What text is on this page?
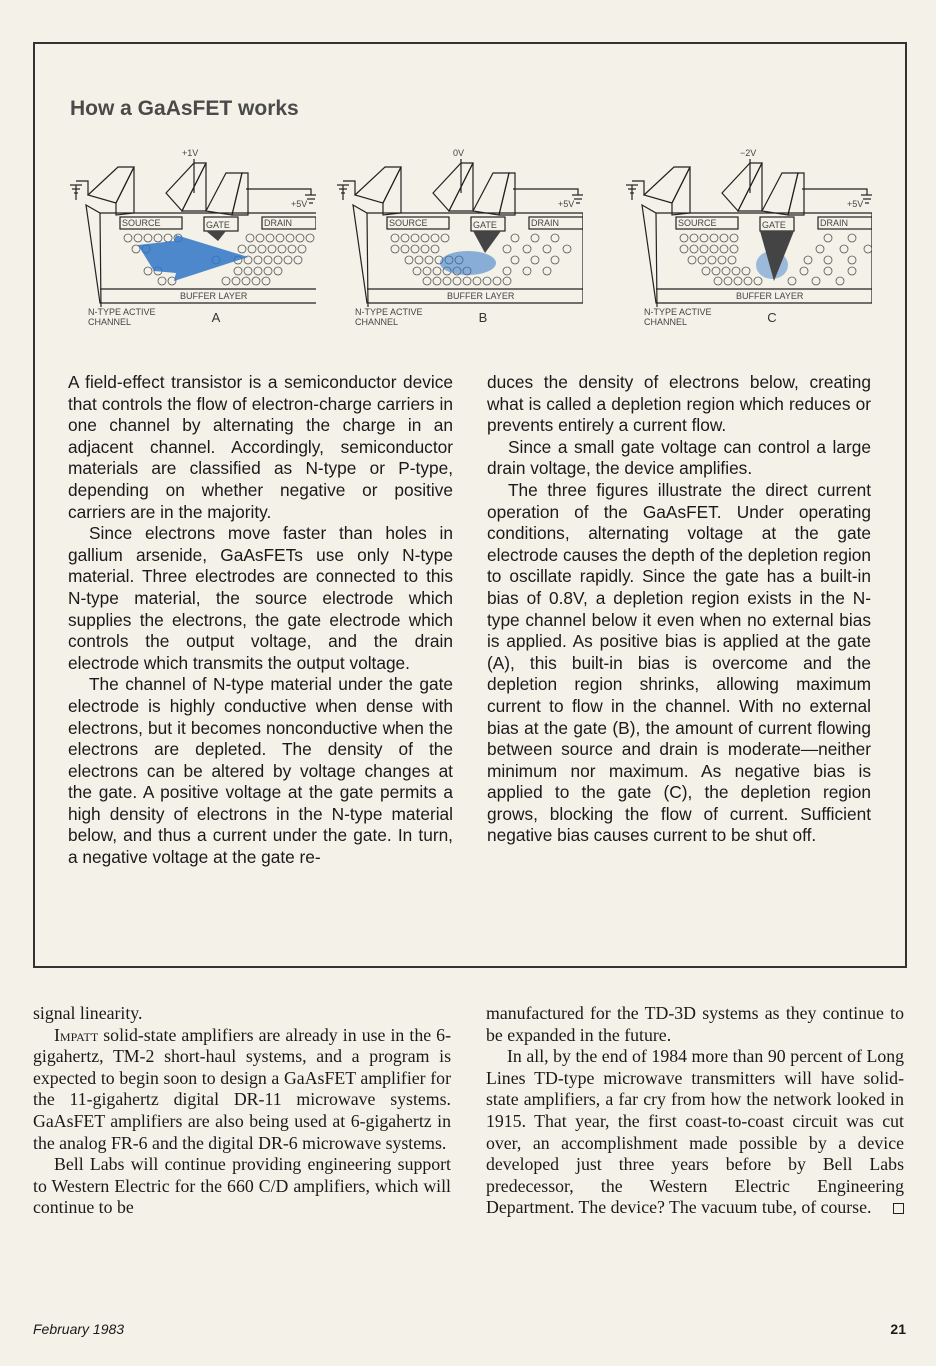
How a GaAsFET works
+1V
+5V
SOURCE	GATE	DRAIN
BUFFER LAYER
N-TYPE ACTIVE
CHANNEL	A
0V
+5V
SOURCE	GATE	DRAIN
BUFFER LAYER
N-TYPE ACTIVE
CHANNEL	B
−2V
+5V
SOURCE	GATE	DRAIN
BUFFER LAYER
N-TYPE ACTIVE
CHANNEL	C

A field-effect transistor is a semiconductor device that controls the flow of electron-charge carriers in one channel by alternating the charge in an adjacent channel. Accordingly, semiconductor materials are classified as N-type or P-type, depending on whether negative or positive carriers are in the majority.

Since electrons move faster than holes in gallium arsenide, GaAsFETs use only N-type material. Three electrodes are connected to this N-type material, the source electrode which supplies the electrons, the gate electrode which controls the output voltage, and the drain electrode which transmits the output voltage.

The channel of N-type material under the gate electrode is highly conductive when dense with electrons, but it becomes nonconductive when the electrons are depleted. The density of the electrons can be altered by voltage changes at the gate. A positive voltage at the gate permits a high density of electrons in the N-type material below, and thus a current under the gate. In turn, a negative voltage at the gate re-

duces the density of electrons below, creating what is called a depletion region which reduces or prevents entirely a current flow.

Since a small gate voltage can control a large drain voltage, the device amplifies.

The three figures illustrate the direct current operation of the GaAsFET. Under operating conditions, alternating voltage at the gate electrode causes the depth of the depletion region to oscillate rapidly. Since the gate has a built-in bias of 0.8V, a depletion region exists in the N-type channel below it even when no external bias is applied. As positive bias is applied at the gate (A), this built-in bias is overcome and the depletion region shrinks, allowing maximum current to flow in the channel. With no external bias at the gate (B), the amount of current flowing between source and drain is moderate—neither minimum nor maximum. As negative bias is applied to the gate (C), the depletion region grows, blocking the flow of current. Sufficient negative bias causes current to be shut off.

signal linearity.

Impatt solid-state amplifiers are already in use in the 6-gigahertz, TM-2 short-haul systems, and a program is expected to begin soon to design a GaAsFET amplifier for the 11-gigahertz digital DR-11 microwave systems. GaAsFET amplifiers are also being used at 6-gigahertz in the analog FR-6 and the digital DR-6 microwave systems.

Bell Labs will continue providing engineering support to Western Electric for the 660 C/D amplifiers, which will continue to be

manufactured for the TD-3D systems as they continue to be expanded in the future.

In all, by the end of 1984 more than 90 percent of Long Lines TD-type microwave transmitters will have solid-state amplifiers, a far cry from how the network looked in 1915. That year, the first coast-to-coast circuit was cut over, an accomplishment made possible by a device developed just three years before by Bell Labs predecessor, the Western Electric Engineering Department. The device? The vacuum tube, of course.

February 1983	21
